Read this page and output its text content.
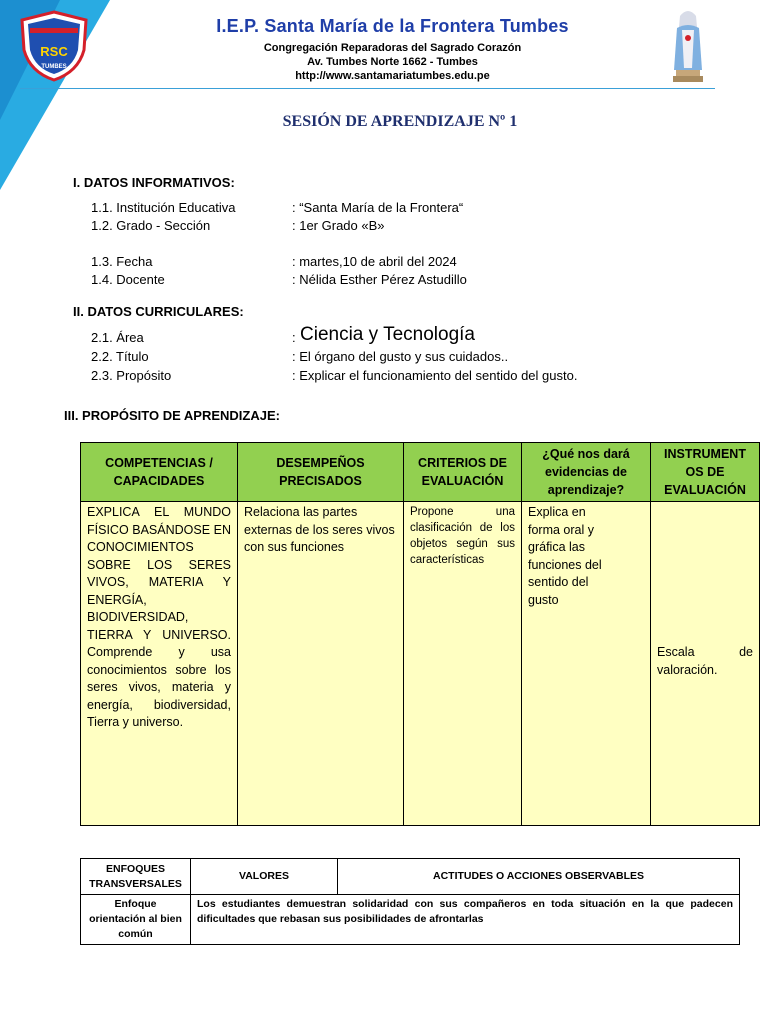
RSC
TUMBES
I.E.P. Santa María de la Frontera Tumbes
Congregación Reparadoras del Sagrado Corazón
Av. Tumbes Norte 1662 - Tumbes
http://www.santamariatumbes.edu.pe
SESIÓN DE APRENDIZAJE Nº 1
I. DATOS INFORMATIVOS:
1.1. Institución Educativa	: “Santa María de la Frontera“
1.2. Grado - Sección	: 1er Grado «B»
1.3. Fecha	: martes,10 de abril del 2024
1.4. Docente	: Nélida Esther Pérez Astudillo
II. DATOS CURRICULARES:
2.1. Área	: Ciencia y Tecnología
2.2. Título	: El órgano del gusto y sus cuidados..
2.3. Propósito	: Explicar el funcionamiento del sentido del gusto.
III. PROPÓSITO DE APRENDIZAJE:
COMPETENCIAS / CAPACIDADES	DESEMPEÑOS PRECISADOS	CRITERIOS DE EVALUACIÓN	¿Qué nos dará evidencias de aprendizaje?	INSTRUMENT OS DE EVALUACIÓN
EXPLICA EL MUNDO FÍSICO BASÁNDOSE EN CONOCIMIENTOS SOBRE LOS SERES VIVOS, MATERIA Y ENERGÍA, BIODIVERSIDAD, TIERRA Y UNIVERSO. Comprende y usa conocimientos sobre los seres vivos, materia y energía, biodiversidad, Tierra y universo.	Relaciona las partes externas de los seres vivos con sus funciones	Propone una clasificación de los objetos según sus características	Explica en forma oral y gráfica las funciones del sentido del gusto	Escala de valoración.
ENFOQUES TRANSVERSALES	VALORES	ACTITUDES O ACCIONES OBSERVABLES
Enfoque orientación al bien común	Los estudiantes demuestran solidaridad con sus compañeros en toda situación en la que padecen dificultades que rebasan sus posibilidades de afrontarlas	
